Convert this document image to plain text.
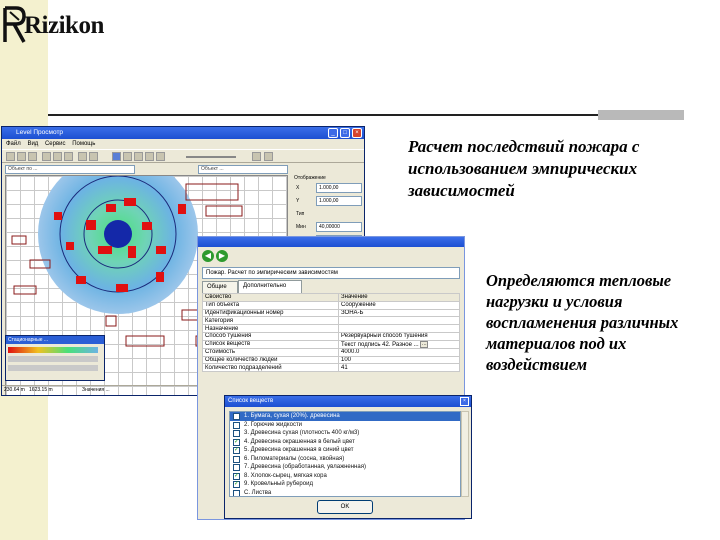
Rizikon
Расчет последствий пожара с использованием эмпирических зависимостей
Определяются тепловые нагрузки и условия воспламенения различных материалов под их воздействием
Level Просмотр	_	□	×
Файл Вид Сервис Помощь
Объект по ...	Объект ...
Отображение
X	1.000,00
Y	1.000,00
Тип
Мин	40,00000
Стационарные ...
230.64 m 1623.15 m	Значения ...
◀ ▶
Пожар. Расчет по эмпирическим зависимостям
Общие	Дополнительно
Свойство	Значение
Тип объекта	Сооружение
Идентификационный номер	ЗОНА-Б
Категория	
Назначение	
Способ тушения	Резервуарный способ тушения
Список веществ	Текст подпись 42. Разное ... …
Стоимость	4000.0
Общее количество людей	100
Количество подразделений	41
Список веществ	×
1. Бумага, сухая (20%). древесина
2. Горючие жидкости
3. Древесина сухая (плотность 400 кг/м3)
✓ 4. Древесина окрашенная в белый цвет
✓ 5. Древесина окрашенная в синий цвет
6. Пиломатериалы (сосна, хвойная)
7. Древесина (обработанная, увлажненная)
✓ 8. Хлопок-сырец, мягкая кора
✓ 9. Кровельный рубероид
С. Листва
OK
